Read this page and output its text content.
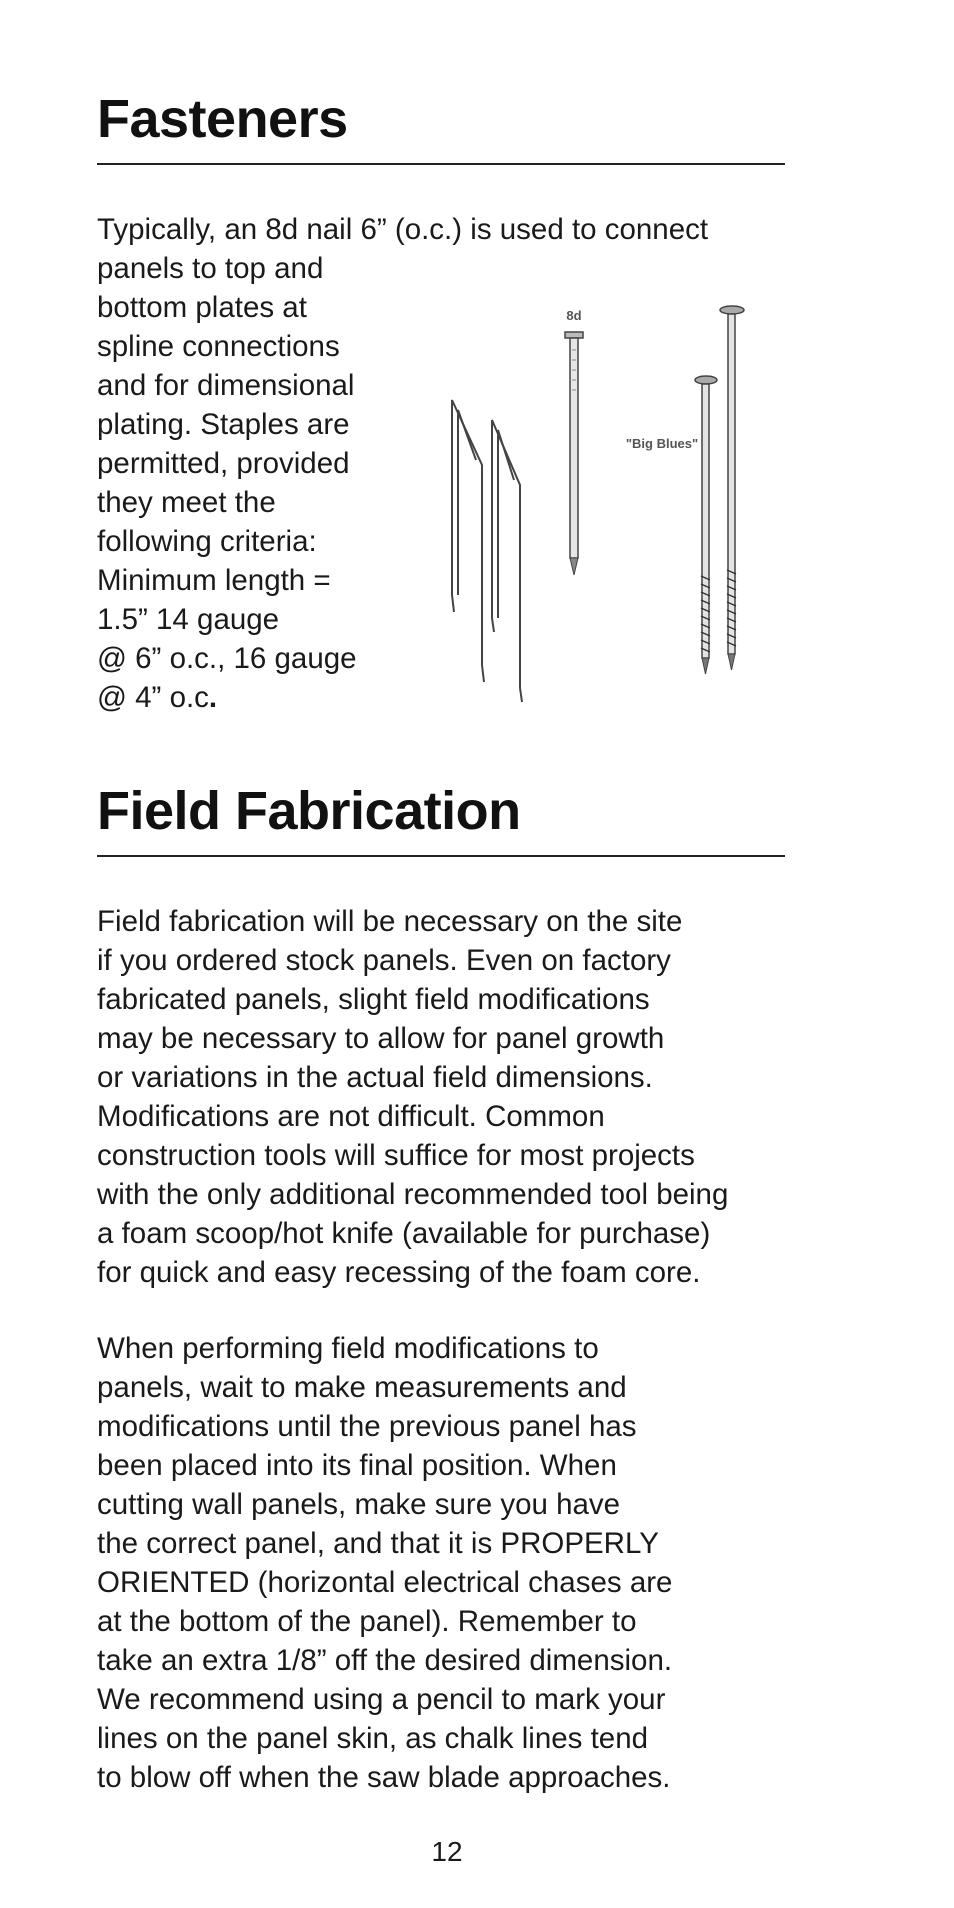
Fasteners

Typically, an 8d nail 6” (o.c.) is used to connect
panels to top and
bottom plates at
spline connections
and for dimensional
plating. Staples are
permitted, provided
they meet the
following criteria:
Minimum length =
1.5” 14 gauge
@ 6” o.c., 16 gauge
@ 4” o.c.

8d
"Big Blues"
Field Fabrication

Field fabrication will be necessary on the site
if you ordered stock panels. Even on factory
fabricated panels, slight field modifications
may be necessary to allow for panel growth
or variations in the actual field dimensions.
Modifications are not difficult. Common
construction tools will suffice for most projects
with the only additional recommended tool being
a foam scoop/hot knife (available for purchase)
for quick and easy recessing of the foam core.

When performing field modifications to
panels, wait to make measurements and
modifications until the previous panel has
been placed into its final position. When
cutting wall panels, make sure you have
the correct panel, and that it is PROPERLY
ORIENTED (horizontal electrical chases are
at the bottom of the panel). Remember to
take an extra 1/8” off the desired dimension.
We recommend using a pencil to mark your
lines on the panel skin, as chalk lines tend
to blow off when the saw blade approaches.

12
